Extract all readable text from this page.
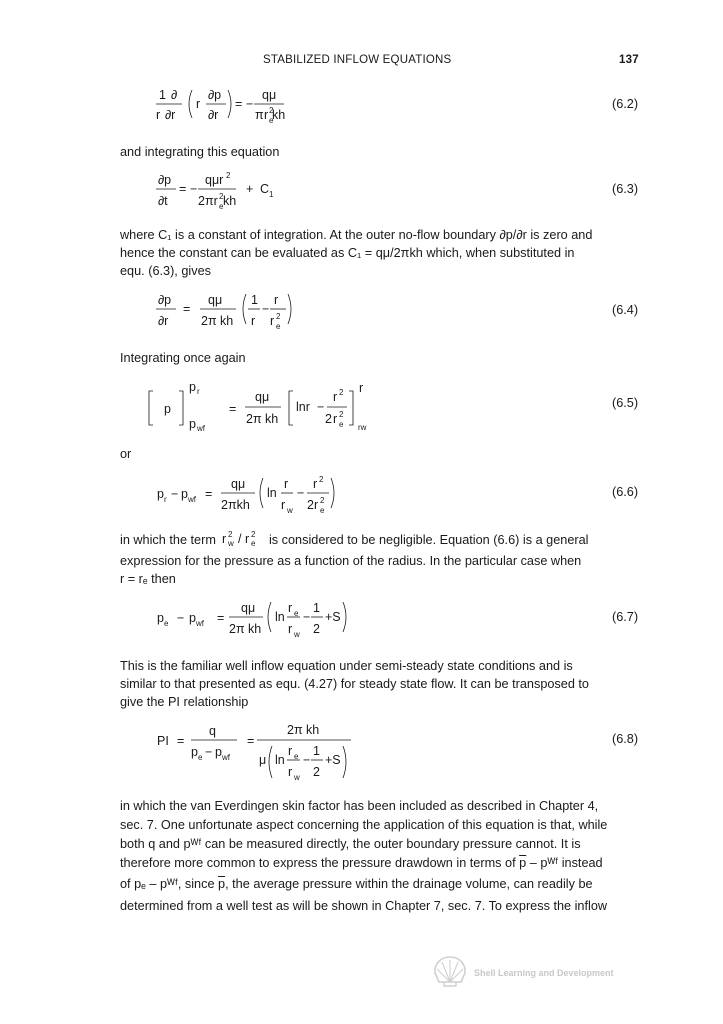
STABILIZED INFLOW EQUATIONS	137
1 ∂
r ∂r
r
∂p
∂r
= −
qμ
π r 2
e
kh
(6.2)
and integrating this equation
∂p
∂t
= −
qμr 2
2πr 2
e kh
+ C 1	(6.3)
where C₁ is a constant of integration. At the outer no-flow boundary ∂p/∂r is zero and
hence the constant can be evaluated as C₁ = qμ/2πkh which, when substituted in
equ. (6.3), gives
∂p
∂r
=
qμ
2π kh
1
r
−
r
r 2
e
(6.4)
Integrating once again
p
p r
p wf
=
qμ
2π kh
lnr −
r 2
2 r 2
e
r
rw
(6.5)
or
p r − p wf =
qμ
2πkh
ln
r
r w
−
r 2
2r 2
e
(6.6)
in which the term r 2
w / r 2
e is considered to be negligible. Equation (6.6) is a general
expression for the pressure as a function of the radius. In the particular case when
r = rₑ then
p e − p wf =
qμ
2π kh
ln
r e
r w
−
1
2
+S	(6.7)
This is the familiar well inflow equation under semi-steady state conditions and is
similar to that presented as equ. (4.27) for steady state flow. It can be transposed to
give the PI relationship
PI =
q
p e − p wf
=
2π kh
μ ln
r e
r w
−
1
2
+S
(6.8)
in which the van Everdingen skin factor has been included as described in Chapter 4,
sec. 7. One unfortunate aspect concerning the application of this equation is that, while
both q and pᵂᶠ can be measured directly, the outer boundary pressure cannot. It is
therefore more common to express the pressure drawdown in terms of $\overline{p}$ – pᵂᶠ instead
of pₑ – pᵂᶠ, since $\overline{p}$, the average pressure within the drainage volume, can readily be
determined from a well test as will be shown in Chapter 7, sec. 7. To express the inflow
Shell Learning and Development
